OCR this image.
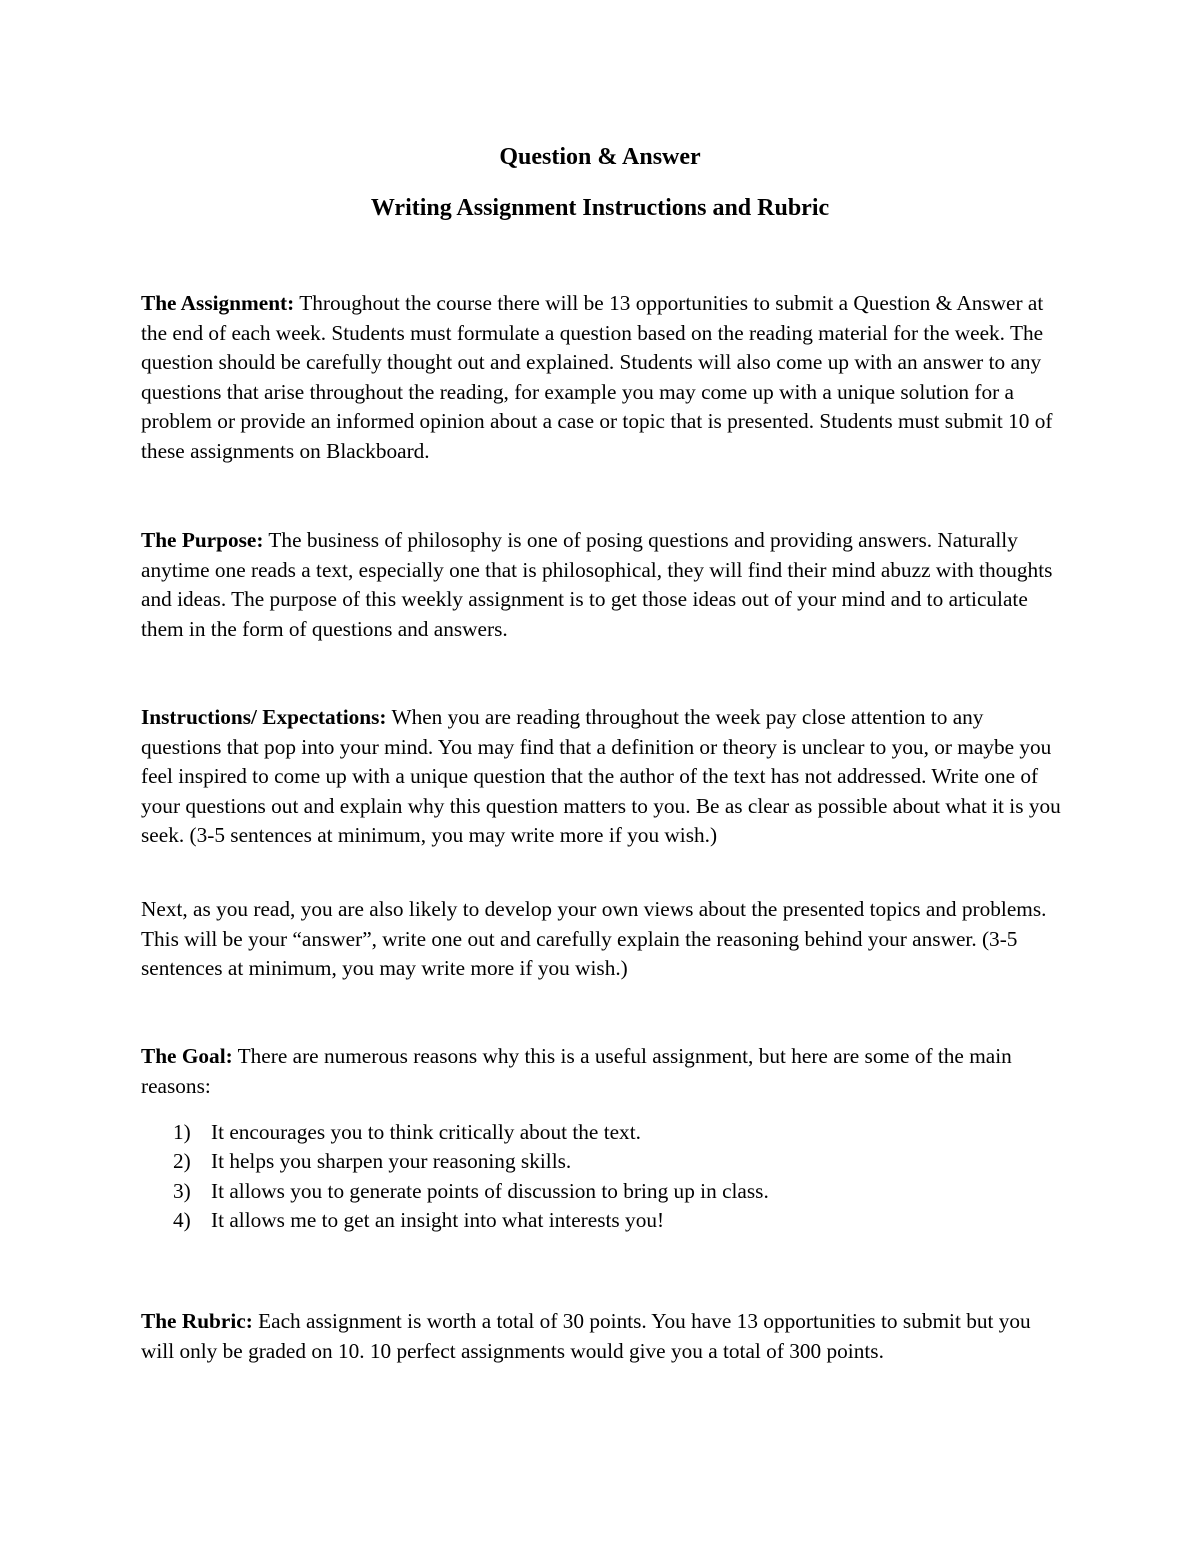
Question & Answer
Writing Assignment Instructions and Rubric

The Assignment: Throughout the course there will be 13 opportunities to submit a Question & Answer at the end of each week. Students must formulate a question based on the reading material for the week. The question should be carefully thought out and explained. Students will also come up with an answer to any questions that arise throughout the reading, for example you may come up with a unique solution for a problem or provide an informed opinion about a case or topic that is presented. Students must submit 10 of these assignments on Blackboard.

The Purpose: The business of philosophy is one of posing questions and providing answers. Naturally anytime one reads a text, especially one that is philosophical, they will find their mind abuzz with thoughts and ideas. The purpose of this weekly assignment is to get those ideas out of your mind and to articulate them in the form of questions and answers.

Instructions/ Expectations: When you are reading throughout the week pay close attention to any questions that pop into your mind. You may find that a definition or theory is unclear to you, or maybe you feel inspired to come up with a unique question that the author of the text has not addressed. Write one of your questions out and explain why this question matters to you. Be as clear as possible about what it is you seek. (3-5 sentences at minimum, you may write more if you wish.)

Next, as you read, you are also likely to develop your own views about the presented topics and problems. This will be your “answer”, write one out and carefully explain the reasoning behind your answer. (3-5 sentences at minimum, you may write more if you wish.)

The Goal: There are numerous reasons why this is a useful assignment, but here are some of the main reasons:

1) It encourages you to think critically about the text.
2) It helps you sharpen your reasoning skills.
3) It allows you to generate points of discussion to bring up in class.
4) It allows me to get an insight into what interests you!

The Rubric: Each assignment is worth a total of 30 points. You have 13 opportunities to submit but you will only be graded on 10. 10 perfect assignments would give you a total of 300 points.
